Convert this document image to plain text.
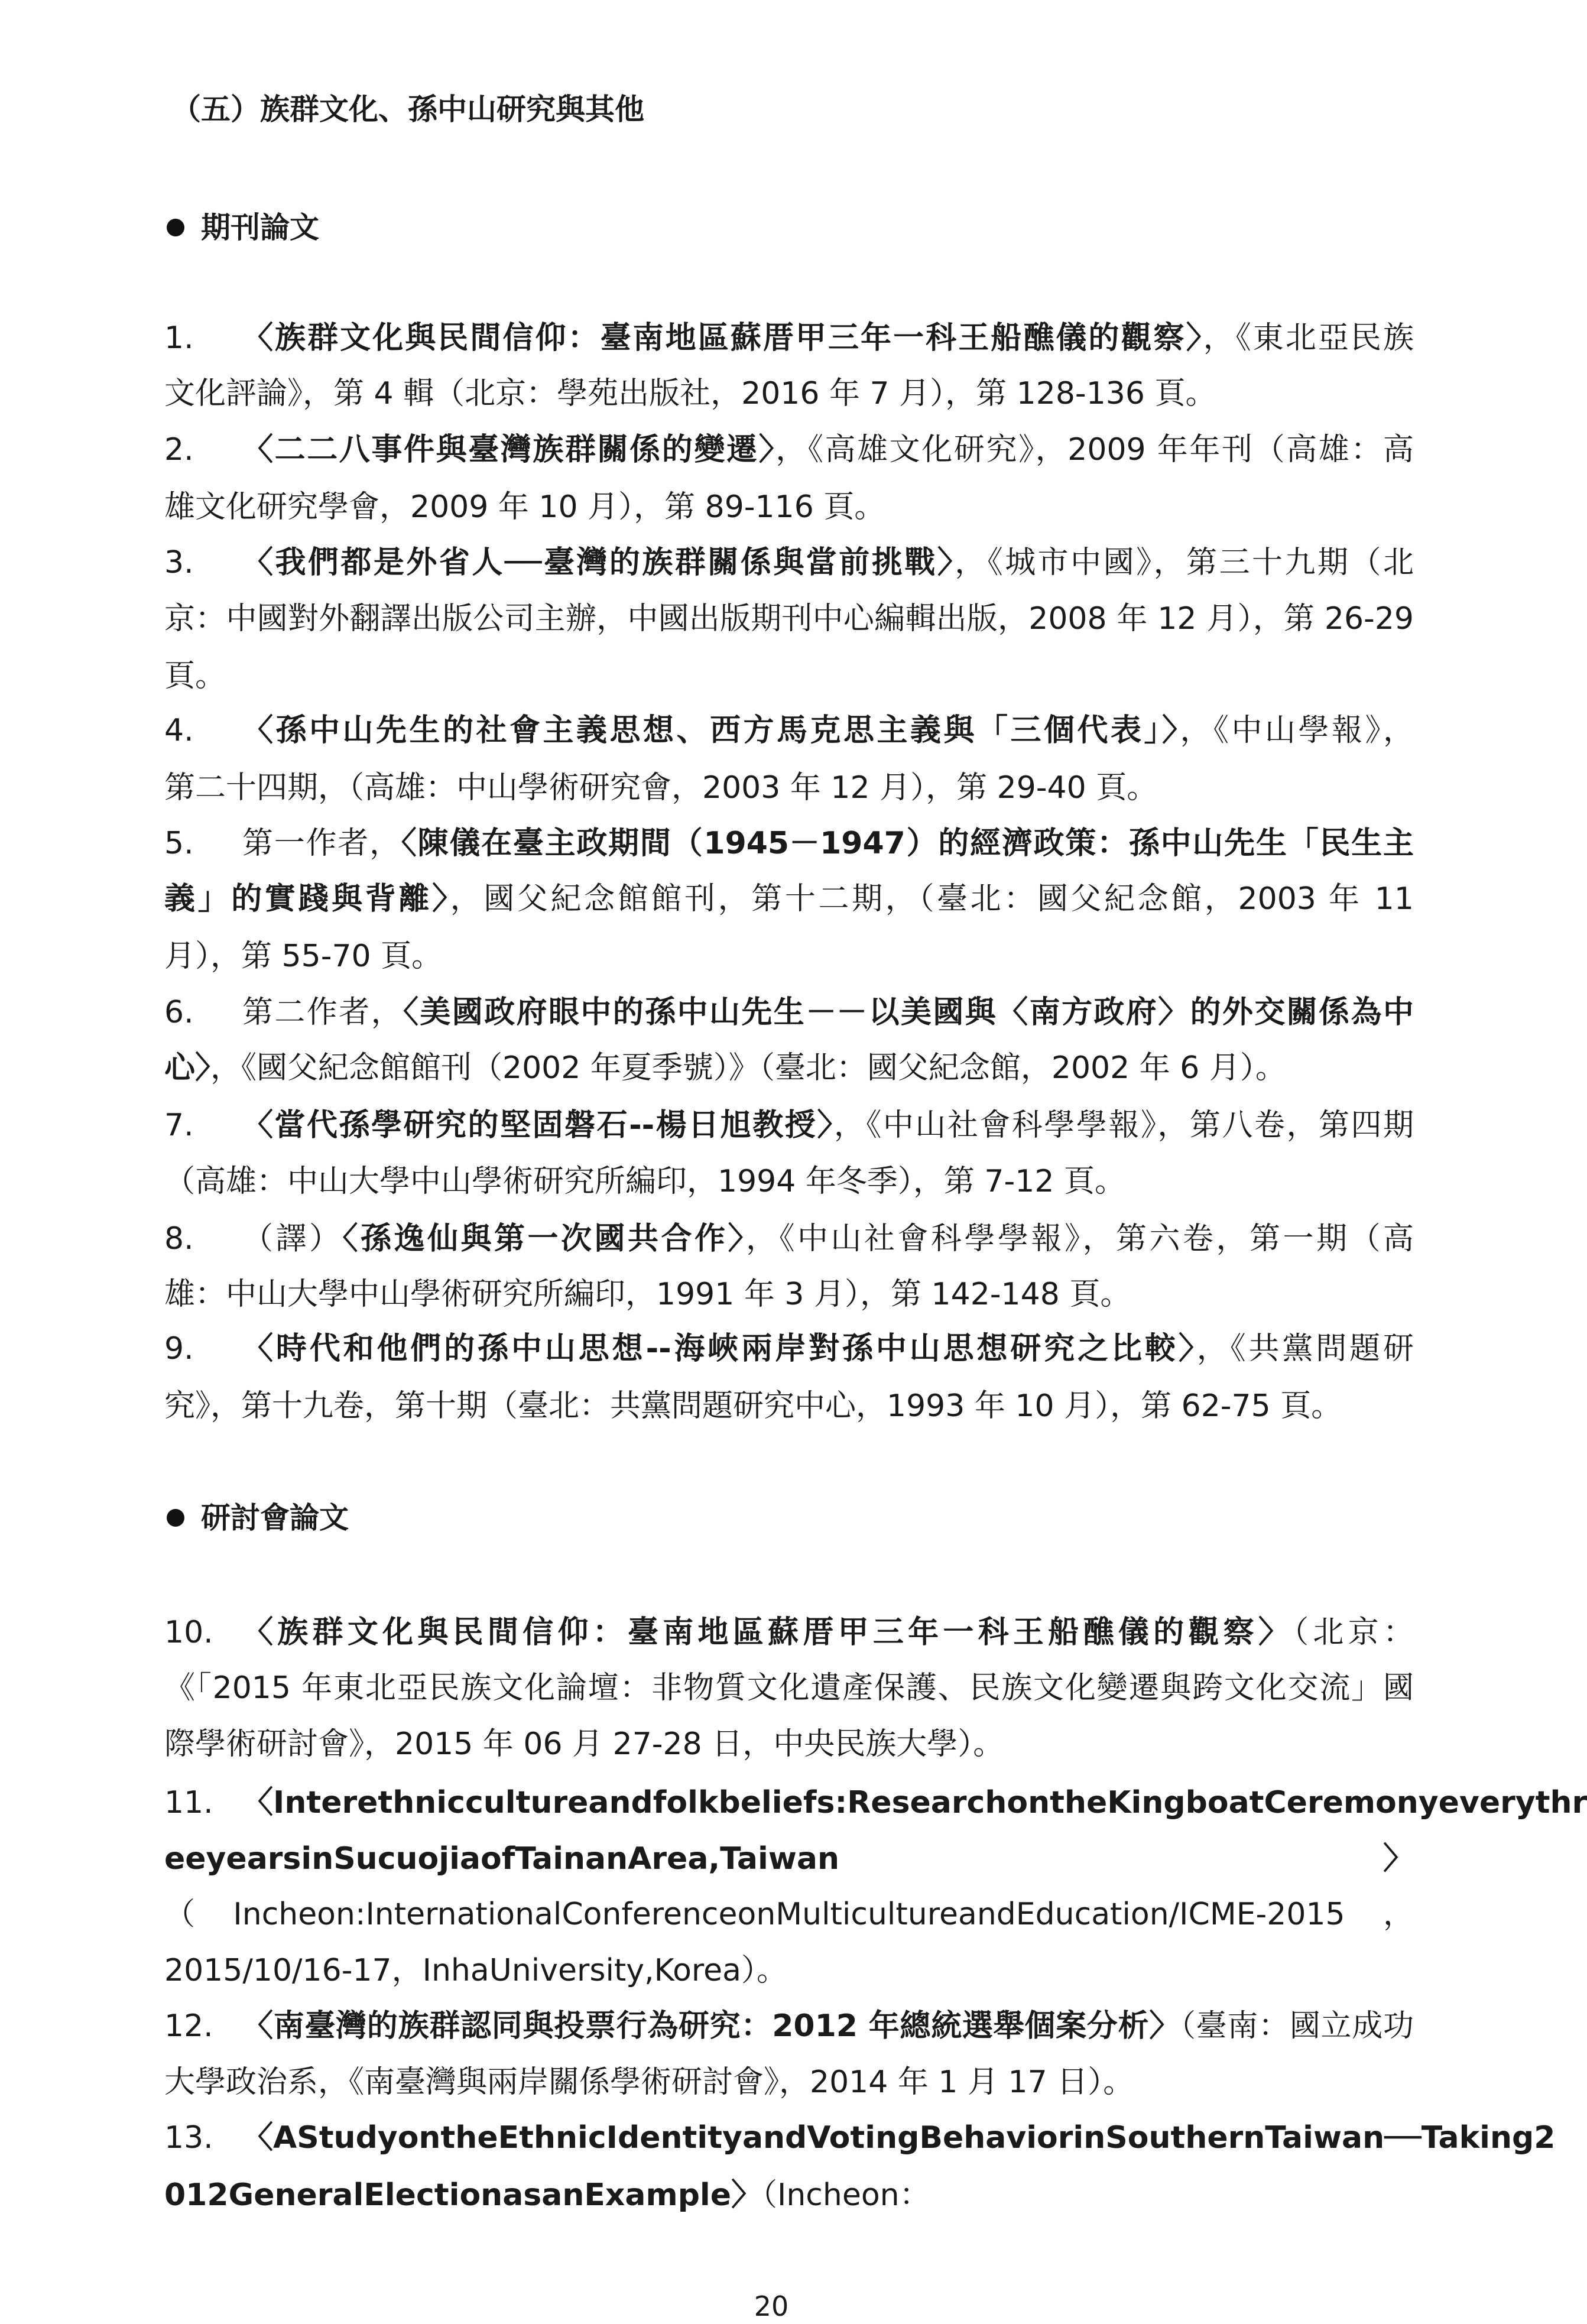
（五）族群文化、孫中山研究與其他
期刊論文
研討會論文
1. 〈族群文化與民間信仰：臺南地區蘇厝甲三年一科王船醮儀的觀察〉，《東北亞民族
文化評論》，第 4 輯（北京：學苑出版社，2016 年 7 月），第 128-136 頁。
2. 〈二二八事件與臺灣族群關係的變遷〉，《高雄文化研究》，2009 年年刊（高雄：高
雄文化研究學會，2009 年 10 月），第 89-116 頁。
3. 〈我們都是外省人──臺灣的族群關係與當前挑戰〉，《城市中國》，第三十九期（北
京：中國對外翻譯出版公司主辦，中國出版期刊中心編輯出版，2008 年 12 月），第 26-29
頁。
4. 〈孫中山先生的社會主義思想、西方馬克思主義與「三個代表」〉，《中山學報》，
第二十四期，（高雄：中山學術研究會，2003 年 12 月），第 29-40 頁。
5. 第一作者，〈陳儀在臺主政期間（1945－1947）的經濟政策：孫中山先生「民生主
義」的實踐與背離〉，國父紀念館館刊，第十二期，（臺北：國父紀念館，2003 年 11
月），第 55-70 頁。
6. 第二作者，〈美國政府眼中的孫中山先生－－以美國與〈南方政府〉的外交關係為中
心〉，《國父紀念館館刊（2002 年夏季號）》（臺北：國父紀念館，2002 年 6 月）。
7. 〈當代孫學研究的堅固磐石--楊日旭教授〉，《中山社會科學學報》，第八卷，第四期
（高雄：中山大學中山學術研究所編印，1994 年冬季），第 7-12 頁。
8. （譯）〈孫逸仙與第一次國共合作〉，《中山社會科學學報》，第六卷，第一期（高
雄：中山大學中山學術研究所編印，1991 年 3 月），第 142-148 頁。
9. 〈時代和他們的孫中山思想--海峽兩岸對孫中山思想研究之比較〉，《共黨問題研
究》，第十九卷，第十期（臺北：共黨問題研究中心，1993 年 10 月），第 62-75 頁。
10. 〈族群文化與民間信仰：臺南地區蘇厝甲三年一科王船醮儀的觀察〉（北京：
《「2015 年東北亞民族文化論壇：非物質文化遺產保護、民族文化變遷與跨文化交流」國
際學術研討會》，2015 年 06 月 27-28 日，中央民族大學）。
11. 〈Interethniccultureandfolkbeliefs:ResearchontheKingboatCeremonyeverythr
eeyearsinSucuojiaofTainanArea,Taiwan〉
（Incheon:InternationalConferenceonMulticultureandEducation/ICME-2015，
2015/10/16-17，InhaUniversity,Korea）。
12. 〈南臺灣的族群認同與投票行為研究：2012 年總統選舉個案分析〉（臺南：國立成功
大學政治系，《南臺灣與兩岸關係學術研討會》，2014 年 1 月 17 日）。
13. 〈AStudyontheEthnicIdentityandVotingBehaviorinSouthernTaiwan──Taking2
012GeneralElectionasanExample〉（Incheon：
20
